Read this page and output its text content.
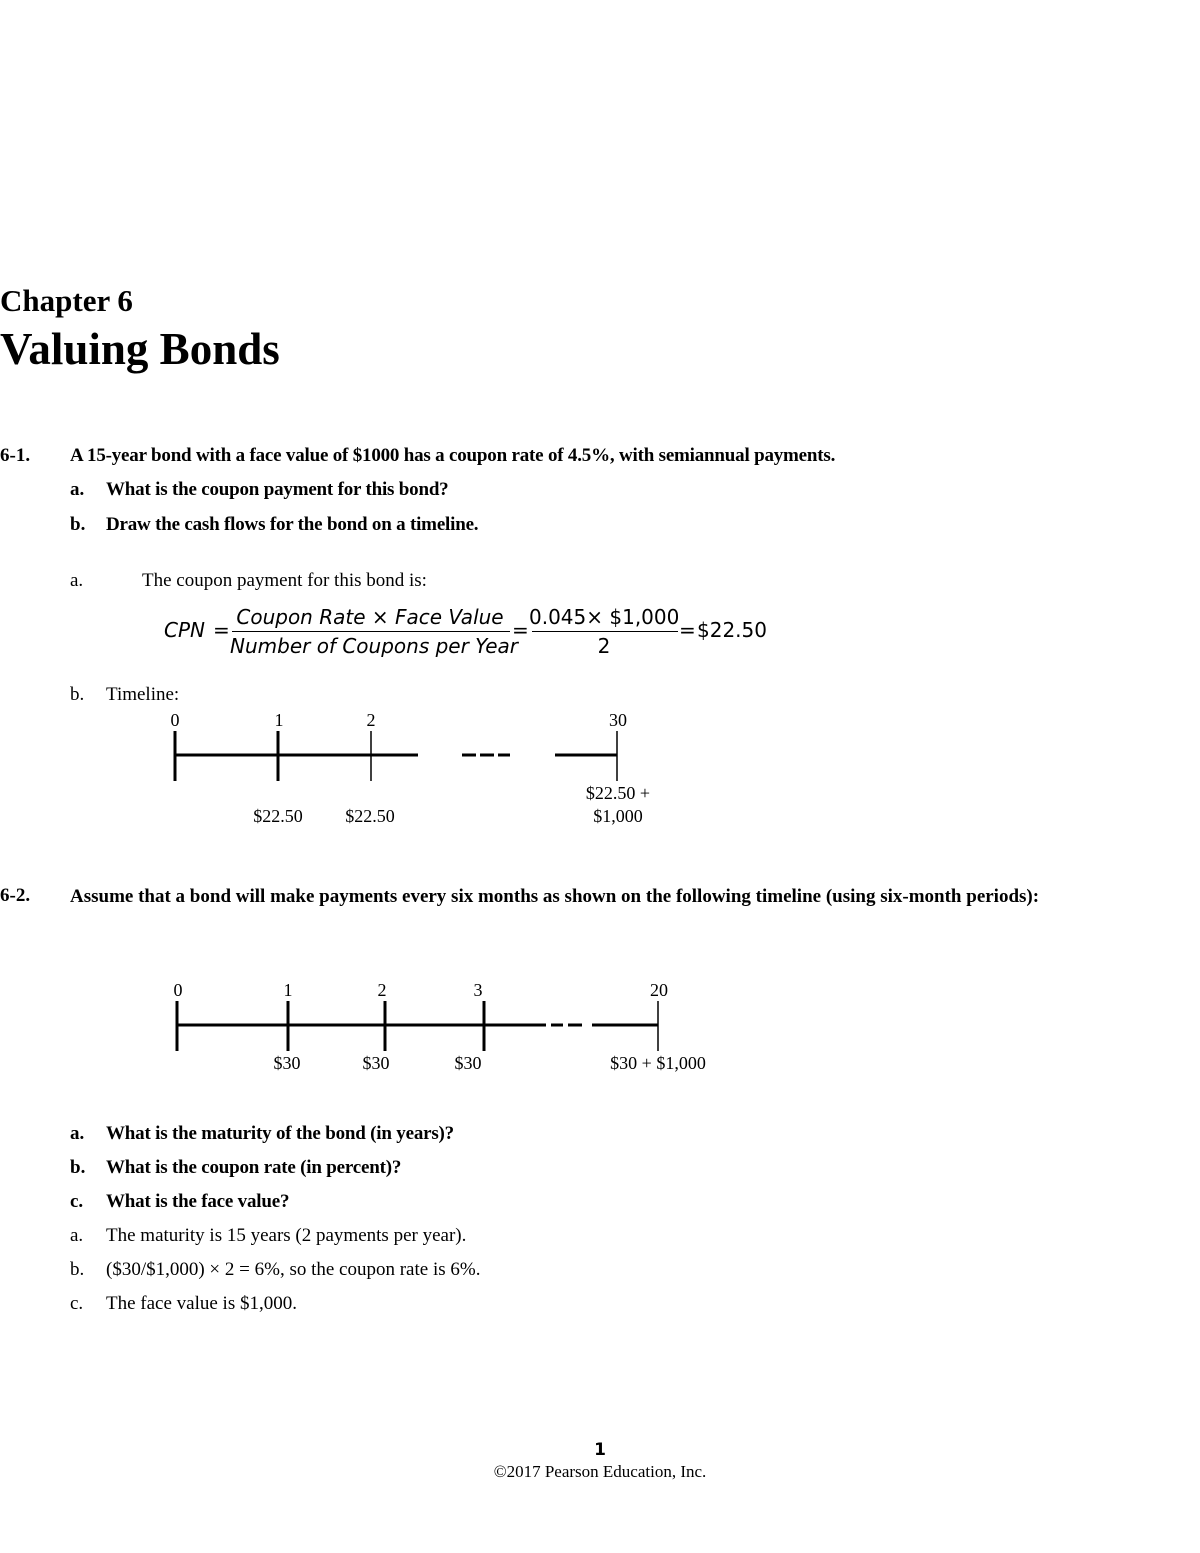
Chapter 6
Valuing Bonds
6-1. A 15-year bond with a face value of $1000 has a coupon rate of 4.5%, with semiannual payments.
a. What is the coupon payment for this bond?
b. Draw the cash flows for the bond on a timeline.
a.	The coupon payment for this bond is:
CPN =
Coupon Rate × Face Value
Number of Coupons per Year
=
0.045× $1,000
2
= $22.50
b. Timeline:
0	1	2	30
$22.50 $22.50
$22.50 +
$1,000
6-2. Assume that a bond will make payments every six months as shown on the following timeline (using six-month periods):
0	1	2	3	20
$30	$30	$30	$30 + $1,000
a. What is the maturity of the bond (in years)?
b. What is the coupon rate (in percent)?
c. What is the face value?
a. The maturity is 15 years (2 payments per year).
b. ($30/$1,000) × 2 = 6%, so the coupon rate is 6%.
c. The face value is $1,000.
1
©2017 Pearson Education, Inc.
